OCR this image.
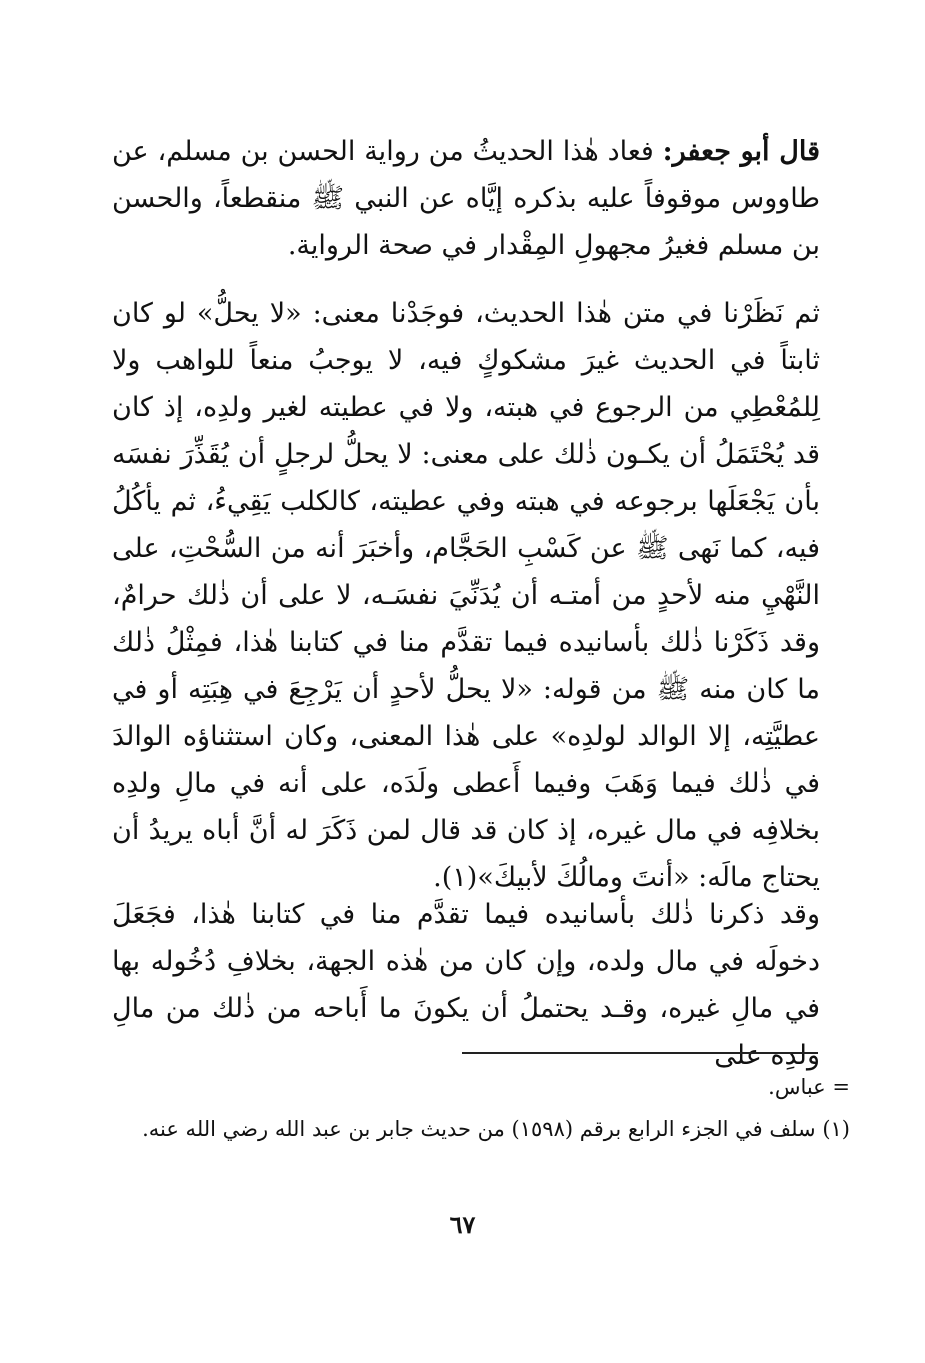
قال أبو جعفر: فعاد هٰذا الحديثُ من رواية الحسن بن مسلم، عن طاووس موقوفاً عليه بذكره إيَّاه عن النبي ﷺ منقطعاً، والحسن بن مسلم فغيرُ مجهولِ المِقْدار في صحة الرواية.

ثم نَظَرْنا في متن هٰذا الحديث، فوجَدْنا معنى: «لا يحلُّ» لو كان ثابتاً في الحديث غيرَ مشكوكٍ فيه، لا يوجبُ منعاً للواهب ولا لِلمُعْطِي من الرجوع في هبته، ولا في عطيته لغير ولدِه، إذ كان قد يُحْتَمَلُ أن يكـون ذٰلك على معنى: لا يحلُّ لرجلٍ أن يُقَذِّرَ نفسَه بأن يَجْعَلَها برجوعه في هبته وفي عطيته، كالكلب يَقِيءُ، ثم يأكُلُ فيه، كما نَهى ﷺ عن كَسْبِ الحَجَّام، وأخبَرَ أنه من السُّحْتِ، على النَّهْيِ منه لأحدٍ من أمتـه أن يُدَنِّيَ نفسَـه، لا على أن ذٰلك حرامٌ، وقد ذَكَرْنا ذٰلك بأسانيده فيما تقدَّم منا في كتابنا هٰذا، فمِثْلُ ذٰلك ما كان منه ﷺ من قوله: «لا يحلُّ لأحدٍ أن يَرْجِعَ في هِبَتِه أو في عطيَّتِه، إلا الوالد لولدِه» على هٰذا المعنى، وكان استثناؤه الوالدَ في ذٰلك فيما وَهَبَ وفيما أَعطى ولَدَه، على أنه في مالِ ولدِه بخلافِه في مال غيره، إذ كان قد قال لمن ذَكَرَ له أنَّ أباه يريدُ أن يحتاج مالَه: «أنتَ ومالُكَ لأبيكَ»(١).

وقد ذكرنا ذٰلك بأسانيده فيما تقدَّم منا في كتابنا هٰذا، فجَعَلَ دخولَه في مال ولده، وإن كان من هٰذه الجهة، بخلافِ دُخُوله بها في مالِ غيره، وقـد يحتملُ أن يكونَ ما أَباحه من ذٰلك من مالِ ولدِه على

= عباس.
(١) سلف في الجزء الرابع برقم (١٥٩٨) من حديث جابر بن عبد الله رضي الله عنه.
٦٧
